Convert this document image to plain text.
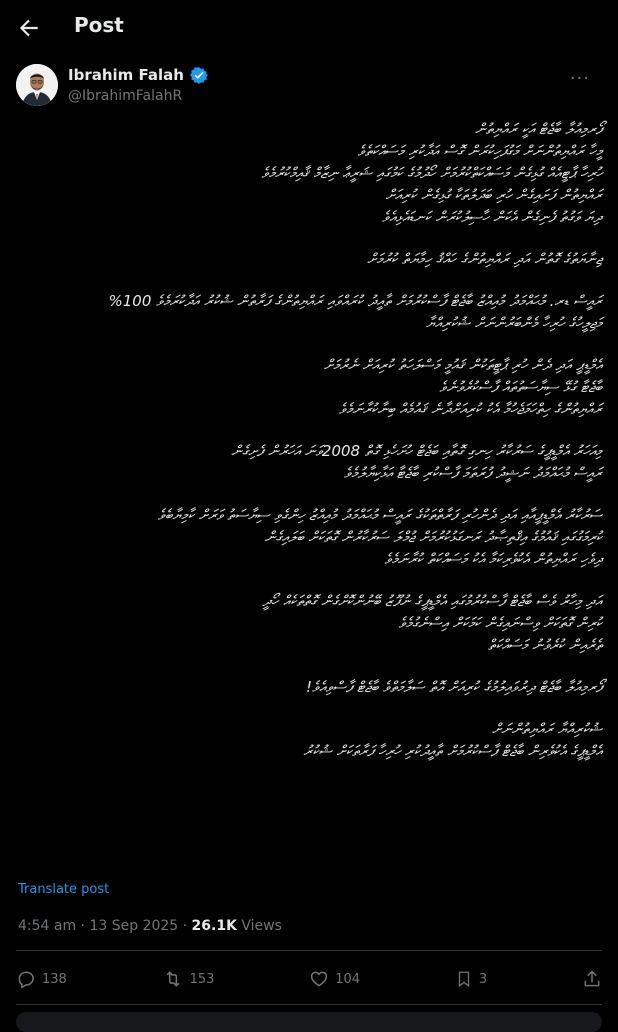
Post
Ibrahim Falah
@IbrahimFalahR
···

ފޯރމިއުލާ ބާޖެޓް އަކީ ރައްޔިތުން
މީހާ ރައްޔިތުންނަށް މަގުފަހިކުރަން ގޮސް އަދާކުރި މަސައްކަތެވެ
ހުރިހާ ޕާޓީއެއް ގުޅިގެން މަސައްކަތްކުރުމަށް ހޯދުމުގެ ކަމުގައި ޝަރީޢާ ނިޒާމް ޤާއިމްކުރުމެވެ
ރައްޔިތުން ފަށައިގެން ހުރި ބަދަލުތަކާ ގުޅިގެން ކުރިއަށް
ދިޔަ ވަގުތު ފެނިގެން އެކަން ހާސިލުކުރަން ކަނޑައެޅިއެވެ

ޖިނާޔަތުގެ ގޮތުން އަދި ރައްޔިތުންގެ ހައްޤު ހިމާޔަތް ކުރުމަށް

ރައީސް ޑރ. މުޙައްމަދު މުއިއްޒު ބާޖެޓް ފާސްކުރުމަށް ތާއީދު ކުރައްވައި ރައްޔިތުންގެ ފަރާތުން ޝުކުރު އަދާކުރަމެވެ 100%
މަޖިލީހުގެ ހުރިހާ މެންބަރުންނަށް ޝުކުރިއްޔާ

އެމްޑީޕީ އަދި ދެން ހުރި ޕާޓީތަކުން ޤައުމީ މަސްލަހަތު ކުރިއަށް ނެރުމަށް
ބާޖެޓާ ގުޅޭ ސިޔާސަތުތައް ފާސްކުރެވުނެވެ
ރައްޔިތުންގެ ހިތްހަމަޖެހުމާ އެކު ކުރިއަށްދާނެ ޤައުމެއް ބިނާކުރާނަމެވެ

މިއަހަރު އެމްޑީޕީގެ ސަރުކާރު ހިނގި ގޮތާއި ބަޖެޓް ހުށަހެޅި ގޮތް 2008ވަނަ އަހަރުން ފެށިގެން
ރައީސް މުޙައްމަދު ނަޝީދު ފުރަތަމަ ފާސްކުރި ބާޖެޓާ އަޅާކިޔާލުމެވެ

ސަރުކާރު އެމްޑީޕީއާއި އަދި ދެންހުރި ފަރާތްތަކުގެ ރައީސް މުޙައްމަދު މުއިއްޒު ހިންގެވި ސިޔާސަތު ވަރަށް ކާމިޔާބެވެ
ކުރިމަގުގައި ޤައުމުގެ އިޤްތިޞާދު ރަނގަޅުކުރުމަށް ޖުމްލަ ސަރުކާރުން ގޮތަކަށް ބަލައިގެން
ދިވެހި ރައްޔިތުން އެކުވެރިކަމާ އެކު މަސައްކަތް ކުރާނަމެވެ

އަދި މިހާރު ވެސް ބާޖެޓް ފާސްކުރުމުގައި އެމްޑީޕީގެ ނުފޫޒު ބޭނުންކޮށްގެން ގޮތްތަކެއް ހޯދީ
ކުރިން ގޮތަކަށް ވިސްނައިގެން ކަމަކަށް އިސްނެގުމެވެ
ތެރެއިން ކުރެވުނު މަސައްކަތް

ފޯރމިއުލާ ބާޖެޓް ދިރުވައިލުމުގެ ކުރިއަށް އޮތް ސަލާމަތްވެ ބާޖެޓް ފާސްވިއެވެ!

ޝުކުރިއްޔާ ރައްޔިތުންނަށް
އެމްޑީޕީގެ އެކުވެރިން ބާޖެޓް ފާސްކުރުމަށް ތާއީދުކުރި ހުރިހާ ފަރާތަކަށް ޝުކުރު

Translate post
4:54 am · 13 Sep 2025 · 26.1K Views
138	153	104	3
